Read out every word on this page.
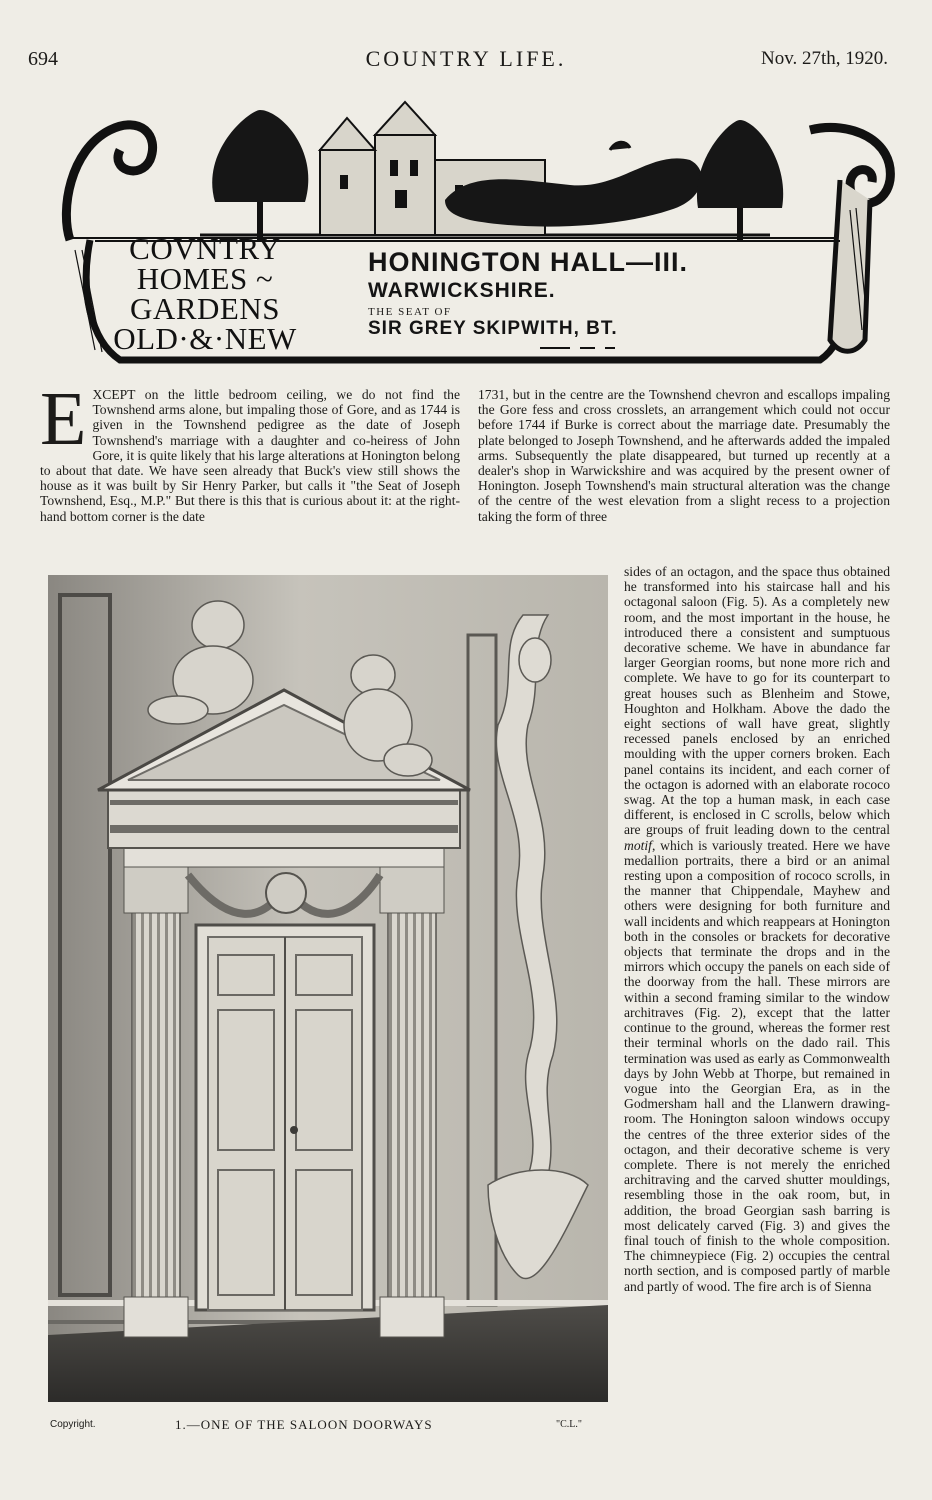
694	COUNTRY LIFE.	Nov. 27th, 1920.
COVNTRY
HOMES ~
GARDENS
OLD·&·NEW
HONINGTON HALL—III.
WARWICKSHIRE.
THE SEAT OF
SIR GREY SKIPWITH, BT.
EXCEPT on the little bedroom ceiling, we do not find the Townshend arms alone, but impaling those of Gore, and as 1744 is given in the Townshend pedigree as the date of Joseph Townshend's marriage with a daughter and co-heiress of John Gore, it is quite likely that his large alterations at Honington belong to about that date. We have seen already that Buck's view still shows the house as it was built by Sir Henry Parker, but calls it "the Seat of Joseph Townshend, Esq., M.P." But there is this that is curious about it: at the right-hand bottom corner is the date
1731, but in the centre are the Townshend chevron and escallops impaling the Gore fess and cross crosslets, an arrangement which could not occur before 1744 if Burke is correct about the marriage date. Presumably the plate belonged to Joseph Townshend, and he afterwards added the impaled arms. Subsequently the plate disappeared, but turned up recently at a dealer's shop in Warwickshire and was acquired by the present owner of Honington. Joseph Townshend's main structural alteration was the change of the centre of the west elevation from a slight recess to a projection taking the form of three
sides of an octagon, and the space thus obtained he transformed into his staircase hall and his octagonal saloon (Fig. 5). As a completely new room, and the most important in the house, he introduced there a consistent and sumptuous decorative scheme. We have in abundance far larger Georgian rooms, but none more rich and complete. We have to go for its counterpart to great houses such as Blenheim and Stowe, Houghton and Holkham. Above the dado the eight sections of wall have great, slightly recessed panels enclosed by an enriched moulding with the upper corners broken. Each panel contains its incident, and each corner of the octagon is adorned with an elaborate rococo swag. At the top a human mask, in each case different, is enclosed in C scrolls, below which are groups of fruit leading down to the central motif, which is variously treated. Here we have medallion portraits, there a bird or an animal resting upon a composition of rococo scrolls, in the manner that Chippendale, Mayhew and others were designing for both furniture and wall incidents and which reappears at Honington both in the consoles or brackets for decorative objects that terminate the drops and in the mirrors which occupy the panels on each side of the doorway from the hall. These mirrors are within a second framing similar to the window architraves (Fig. 2), except that the latter continue to the ground, whereas the former rest their terminal whorls on the dado rail. This termination was used as early as Commonwealth days by John Webb at Thorpe, but remained in vogue into the Georgian Era, as in the Godmersham hall and the Llanwern drawing-room. The Honington saloon windows occupy the centres of the three exterior sides of the octagon, and their decorative scheme is very complete. There is not merely the enriched architraving and the carved shutter mouldings, resembling those in the oak room, but, in addition, the broad Georgian sash barring is most delicately carved (Fig. 3) and gives the final touch of finish to the whole composition. The chimneypiece (Fig. 2) occupies the central north section, and is composed partly of marble and partly of wood. The fire arch is of Sienna
Copyright.	1.—ONE OF THE SALOON DOORWAYS	"C.L."
